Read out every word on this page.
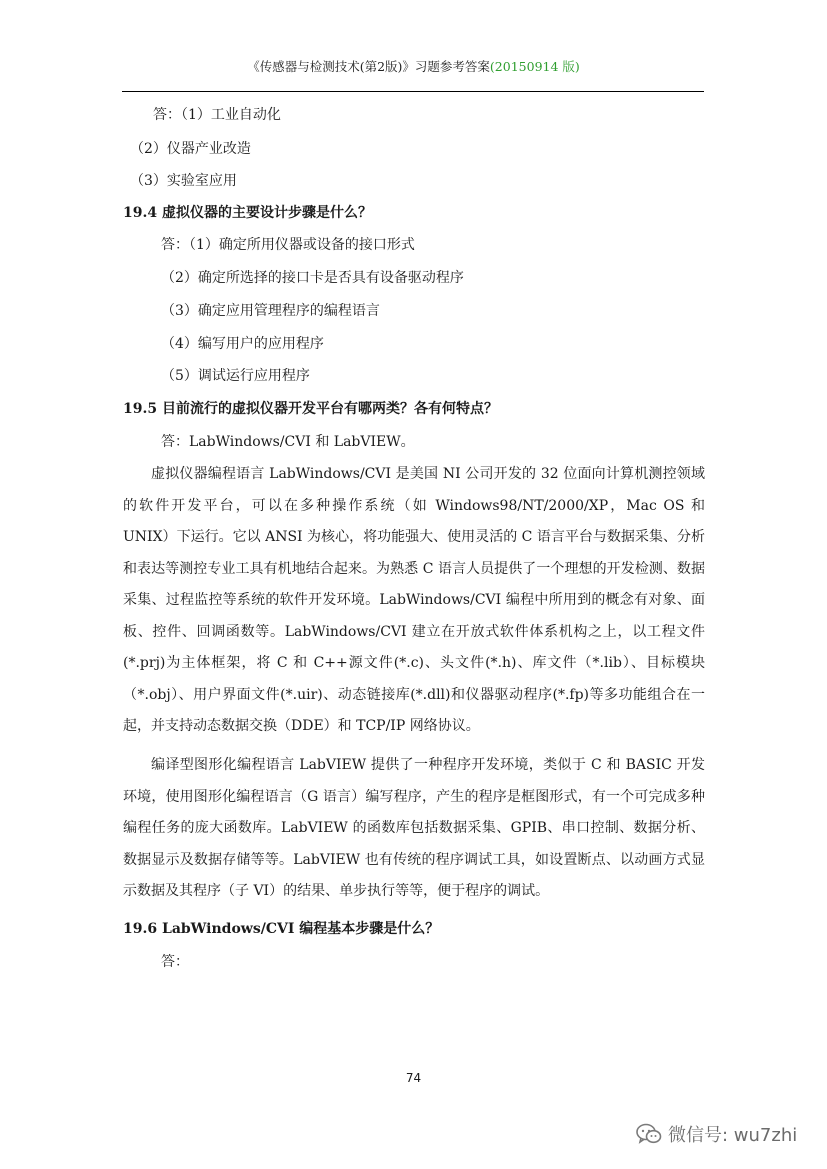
《传感器与检测技术(第2版)》习题参考答案(20150914 版)
答：（1）工业自动化
（2）仪器产业改造
（3）实验室应用
19.4 虚拟仪器的主要设计步骤是什么？
答：（1）确定所用仪器或设备的接口形式
（2）确定所选择的接口卡是否具有设备驱动程序
（3）确定应用管理程序的编程语言
（4）编写用户的应用程序
（5）调试运行应用程序
19.5 目前流行的虚拟仪器开发平台有哪两类？各有何特点？
答：LabWindows/CVI 和 LabVIEW。
虚拟仪器编程语言 LabWindows/CVI 是美国 NI 公司开发的 32 位面向计算机测控领域的软件开发平台，可以在多种操作系统（如 Windows98/NT/2000/XP，Mac OS 和 UNIX）下运行。它以 ANSI 为核心，将功能强大、使用灵活的 C 语言平台与数据采集、分析和表达等测控专业工具有机地结合起来。为熟悉 C 语言人员提供了一个理想的开发检测、数据采集、过程监控等系统的软件开发环境。LabWindows/CVI 编程中所用到的概念有对象、面板、控件、回调函数等。LabWindows/CVI 建立在开放式软件体系机构之上，以工程文件(*.prj)为主体框架，将 C 和 C++源文件(*.c)、头文件(*.h)、库文件（*.lib）、目标模块（*.obj）、用户界面文件(*.uir)、动态链接库(*.dll)和仪器驱动程序(*.fp)等多功能组合在一起，并支持动态数据交换（DDE）和 TCP/IP 网络协议。
编译型图形化编程语言 LabVIEW 提供了一种程序开发环境，类似于 C 和 BASIC 开发环境，使用图形化编程语言（G 语言）编写程序，产生的程序是框图形式，有一个可完成多种编程任务的庞大函数库。LabVIEW 的函数库包括数据采集、GPIB、串口控制、数据分析、数据显示及数据存储等等。LabVIEW 也有传统的程序调试工具，如设置断点、以动画方式显示数据及其程序（子 VI）的结果、单步执行等等，便于程序的调试。
19.6 LabWindows/CVI 编程基本步骤是什么？
答：
74
微信号: wu7zhi
